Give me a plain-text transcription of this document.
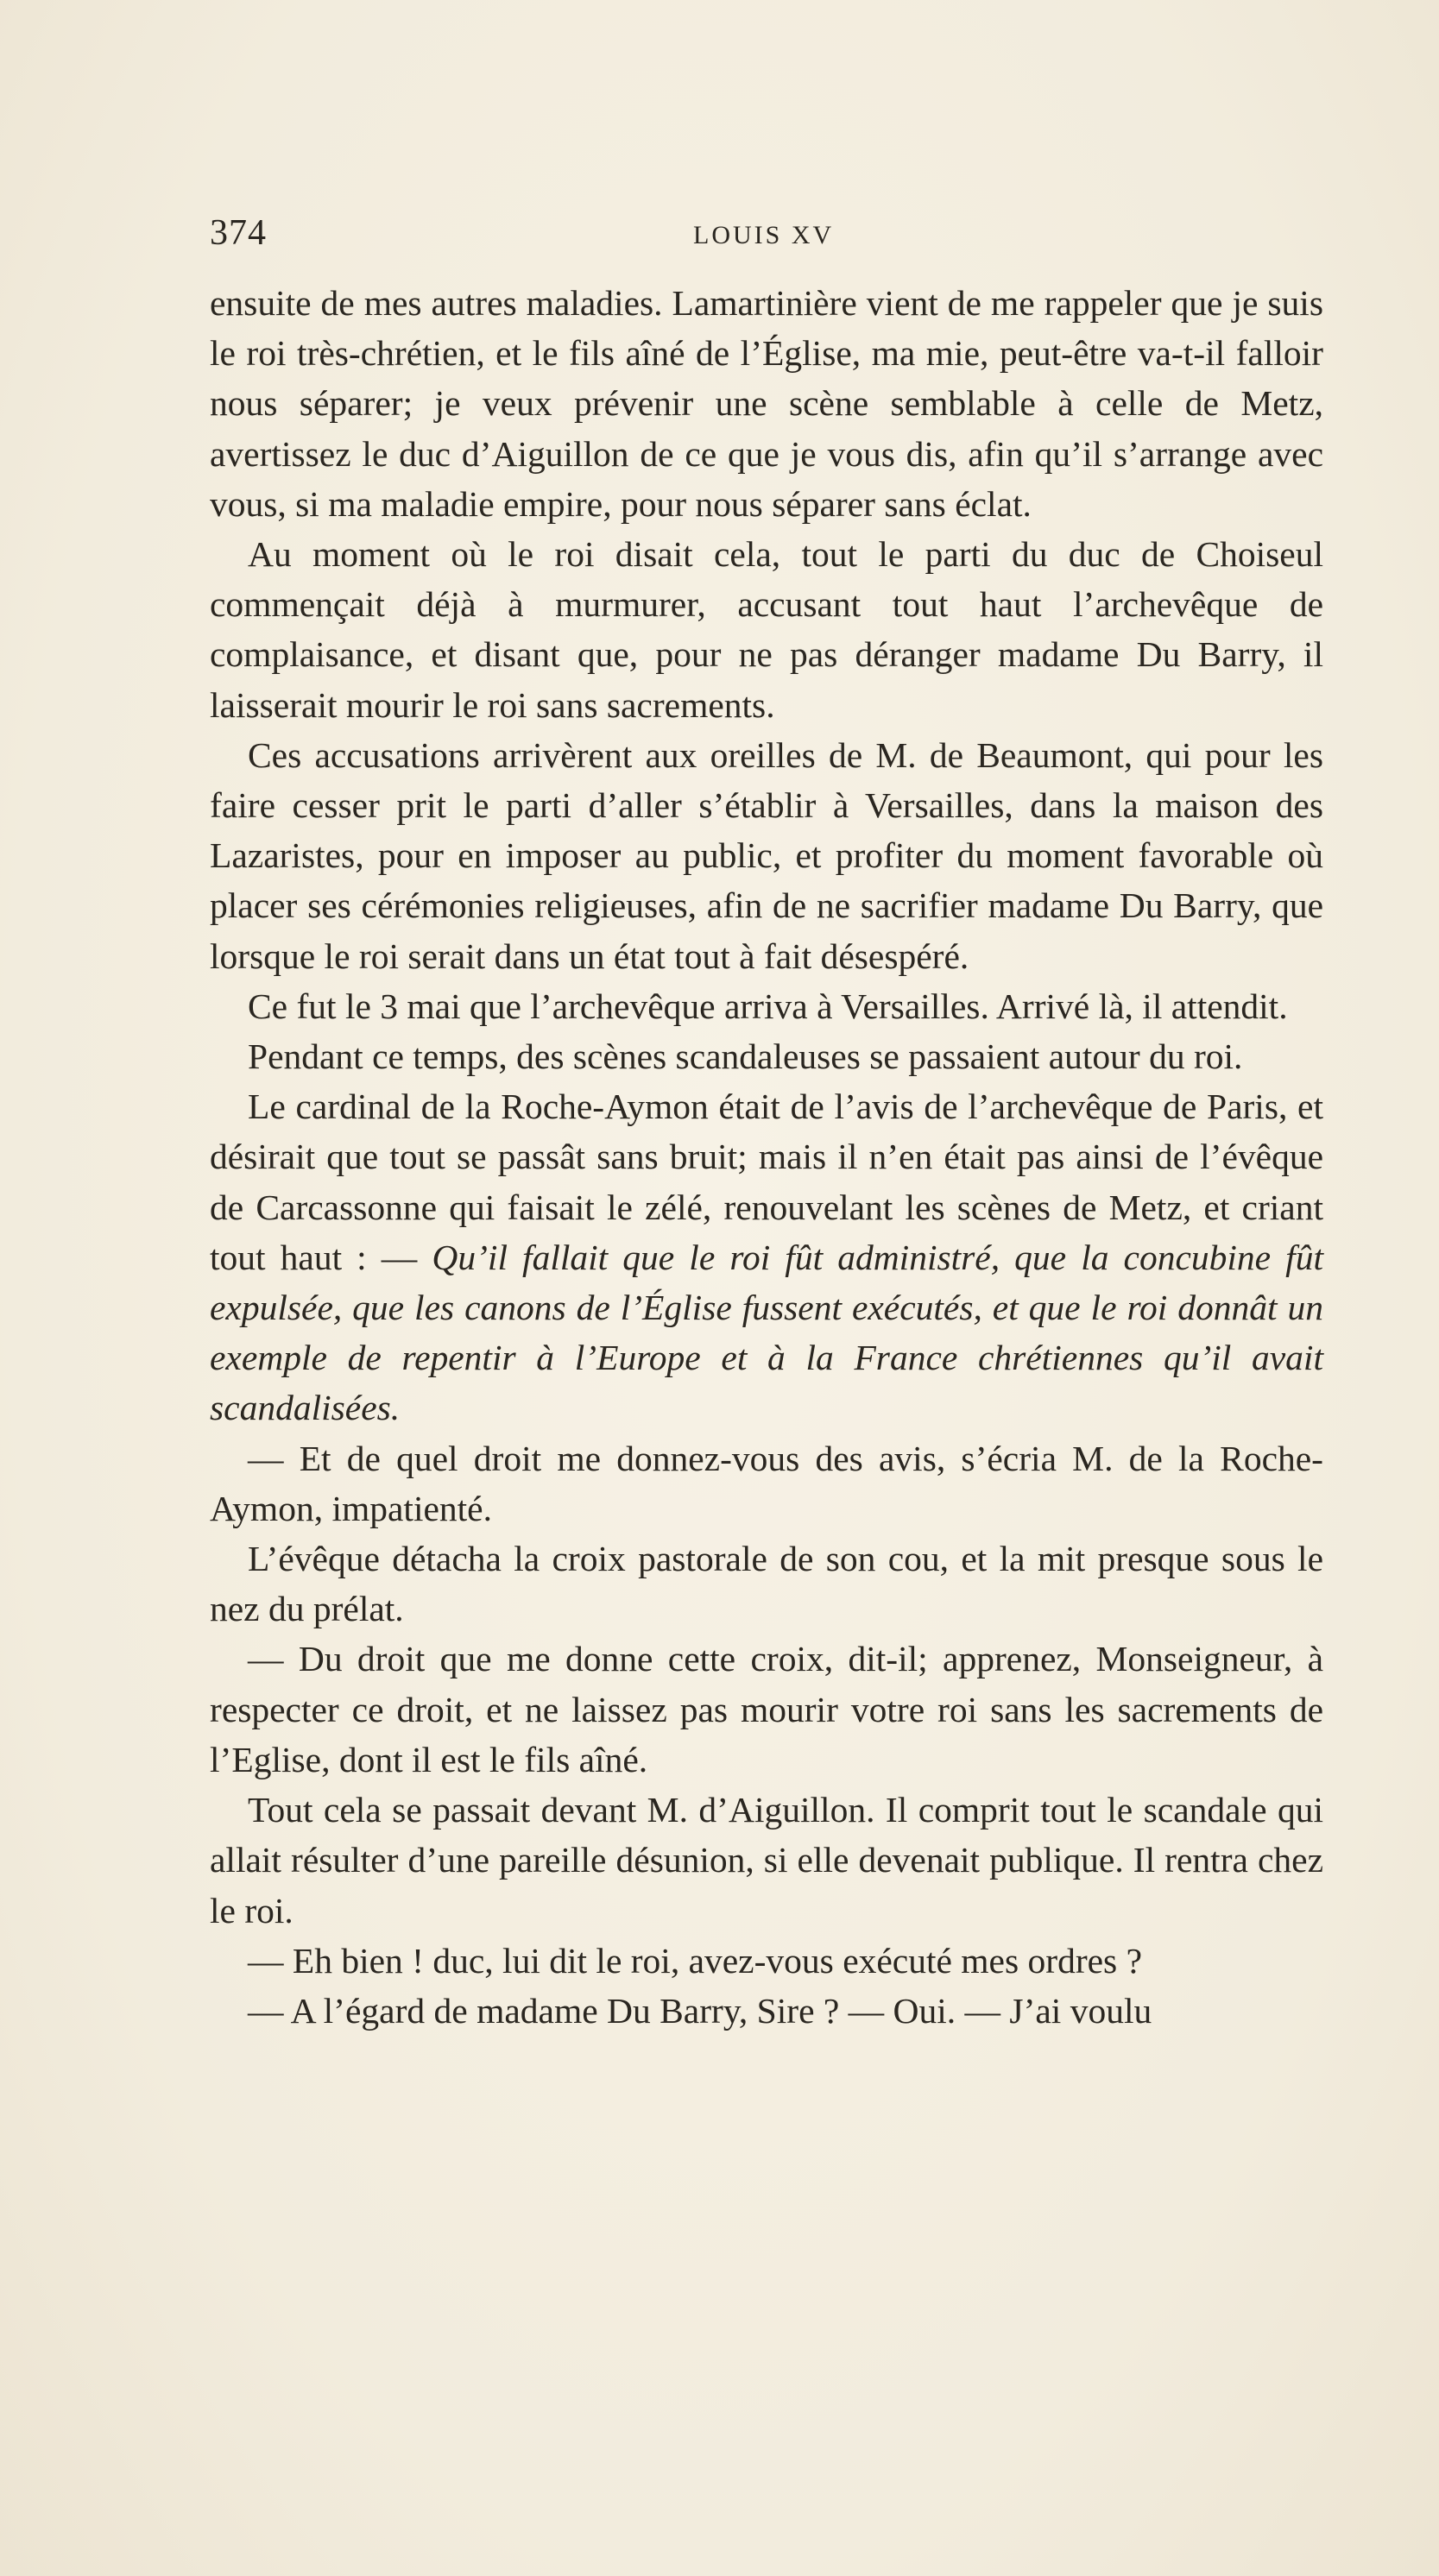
374	LOUIS XV

ensuite de mes autres maladies. Lamartinière vient de me rappeler que je suis le roi très-chrétien, et le fils aîné de l’Église, ma mie, peut-être va-t-il falloir nous séparer; je veux prévenir une scène semblable à celle de Metz, avertissez le duc d’Aiguillon de ce que je vous dis, afin qu’il s’arrange avec vous, si ma maladie empire, pour nous séparer sans éclat.

Au moment où le roi disait cela, tout le parti du duc de Choiseul commençait déjà à murmurer, accusant tout haut l’archevêque de complaisance, et disant que, pour ne pas déranger madame Du Barry, il laisserait mourir le roi sans sacrements.

Ces accusations arrivèrent aux oreilles de M. de Beaumont, qui pour les faire cesser prit le parti d’aller s’établir à Versailles, dans la maison des Lazaristes, pour en imposer au public, et profiter du moment favorable où placer ses cérémonies religieuses, afin de ne sacrifier madame Du Barry, que lorsque le roi serait dans un état tout à fait désespéré.

Ce fut le 3 mai que l’archevêque arriva à Versailles. Arrivé là, il attendit.

Pendant ce temps, des scènes scandaleuses se passaient autour du roi.

Le cardinal de la Roche-Aymon était de l’avis de l’archevêque de Paris, et désirait que tout se passât sans bruit; mais il n’en était pas ainsi de l’évêque de Carcassonne qui faisait le zélé, renouvelant les scènes de Metz, et criant tout haut : — Qu’il fallait que le roi fût administré, que la concubine fût expulsée, que les canons de l’Église fussent exécutés, et que le roi donnât un exemple de repentir à l’Europe et à la France chrétiennes qu’il avait scandalisées.

— Et de quel droit me donnez-vous des avis, s’écria M. de la Roche-Aymon, impatienté.

L’évêque détacha la croix pastorale de son cou, et la mit presque sous le nez du prélat.

— Du droit que me donne cette croix, dit-il; apprenez, Monseigneur, à respecter ce droit, et ne laissez pas mourir votre roi sans les sacrements de l’Eglise, dont il est le fils aîné.

Tout cela se passait devant M. d’Aiguillon. Il comprit tout le scandale qui allait résulter d’une pareille désunion, si elle devenait publique. Il rentra chez le roi.

— Eh bien ! duc, lui dit le roi, avez-vous exécuté mes ordres ?

— A l’égard de madame Du Barry, Sire ? — Oui. — J’ai voulu
